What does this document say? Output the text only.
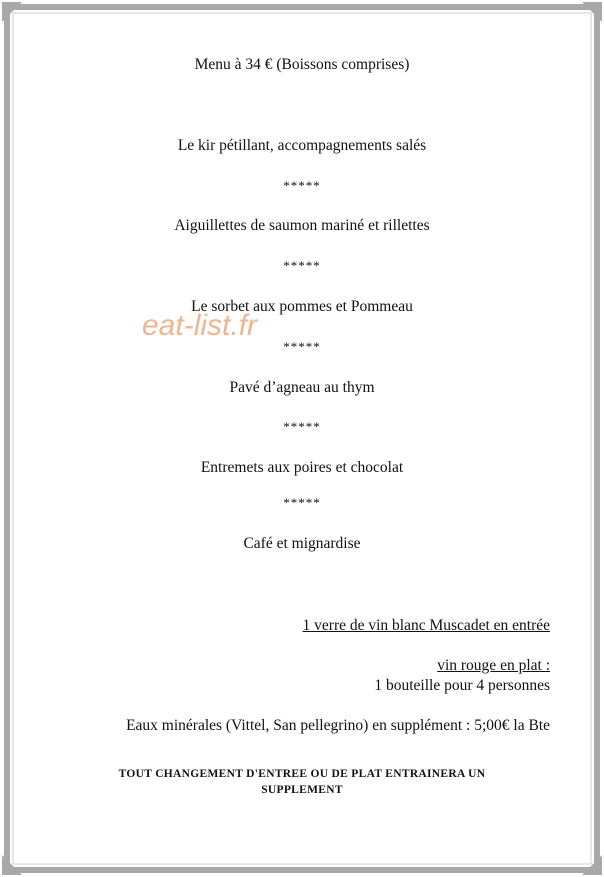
Menu à 34 € (Boissons comprises)
Le kir pétillant, accompagnements salés
*****
Aiguillettes de saumon mariné et rillettes
*****
Le sorbet aux pommes et Pommeau
*****
Pavé d’agneau au thym
*****
Entremets aux poires et chocolat
*****
Café et mignardise
1 verre de vin blanc Muscadet en entrée
vin rouge en plat :
1 bouteille pour 4 personnes
Eaux minérales (Vittel, San pellegrino) en supplément : 5;00€ la Bte
TOUT CHANGEMENT D'ENTREE OU DE PLAT ENTRAINERA UN SUPPLEMENT
eat-list.fr
